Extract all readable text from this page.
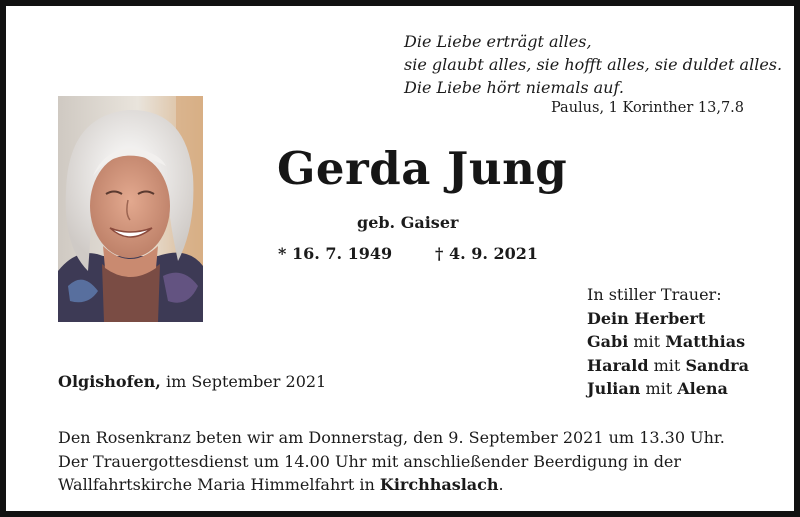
Die Liebe erträgt alles,
sie glaubt alles, sie hofft alles, sie duldet alles.
Die Liebe hört niemals auf.
Paulus, 1 Korinther 13,7.8
Gerda Jung
geb. Gaiser
* 16. 7. 1949	† 4. 9. 2021
In stiller Trauer:
Dein Herbert
Gabi mit Matthias
Harald mit Sandra
Julian mit Alena
Olgishofen, im September 2021
Den Rosenkranz beten wir am Donnerstag, den 9. September 2021 um 13.30 Uhr.
Der Trauergottesdienst um 14.00 Uhr mit anschließender Beerdigung in der
Wallfahrtskirche Maria Himmelfahrt in Kirchhaslach.
